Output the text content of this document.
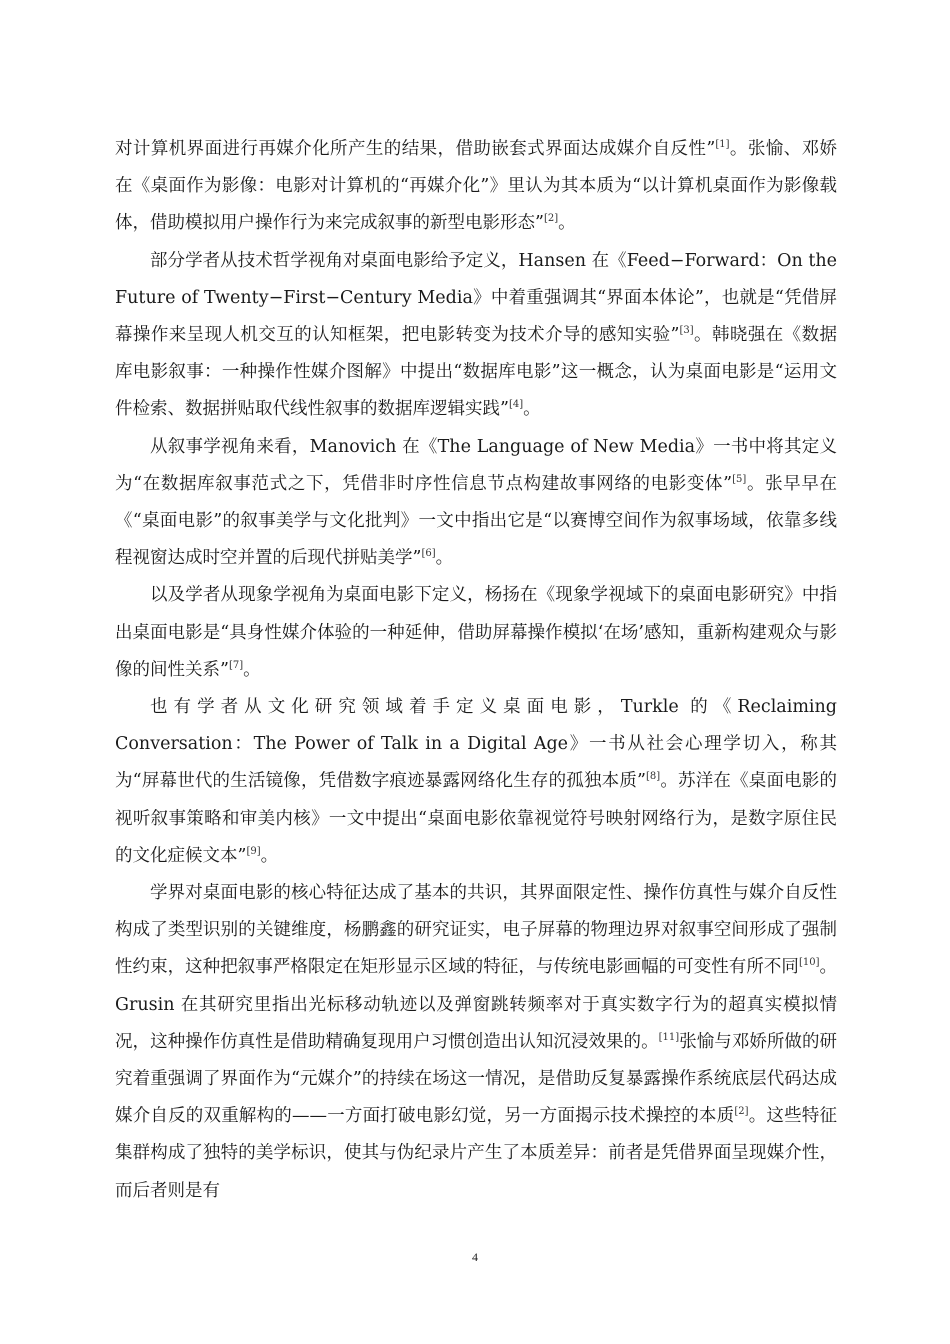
对计算机界面进行再媒介化所产生的结果，借助嵌套式界面达成媒介自反性”[1]。张愉、邓娇在《桌面作为影像：电影对计算机的“再媒介化”》里认为其本质为“以计算机桌面作为影像载体，借助模拟用户操作行为来完成叙事的新型电影形态”[2]。

部分学者从技术哲学视角对桌面电影给予定义，Hansen 在《Feed−Forward：On the Future of Twenty−First−Century Media》中着重强调其“界面本体论”，也就是“凭借屏幕操作来呈现人机交互的认知框架，把电影转变为技术介导的感知实验”[3]。韩晓强在《数据库电影叙事：一种操作性媒介图解》中提出“数据库电影”这一概念，认为桌面电影是“运用文件检索、数据拼贴取代线性叙事的数据库逻辑实践”[4]。

从叙事学视角来看，Manovich 在《The Language of New Media》一书中将其定义为“在数据库叙事范式之下，凭借非时序性信息节点构建故事网络的电影变体”[5]。张早早在《“桌面电影”的叙事美学与文化批判》一文中指出它是“以赛博空间作为叙事场域，依靠多线程视窗达成时空并置的后现代拼贴美学”[6]。

以及学者从现象学视角为桌面电影下定义，杨扬在《现象学视域下的桌面电影研究》中指出桌面电影是“具身性媒介体验的一种延伸，借助屏幕操作模拟‘在场’感知，重新构建观众与影像的间性关系”[7]。

也有学者从文化研究领域着手定义桌面电影，Turkle 的《Reclaiming Conversation：The Power of Talk in a Digital Age》一书从社会心理学切入，称其为“屏幕世代的生活镜像，凭借数字痕迹暴露网络化生存的孤独本质”[8]。苏洋在《桌面电影的视听叙事策略和审美内核》一文中提出“桌面电影依靠视觉符号映射网络行为，是数字原住民的文化症候文本”[9]。

学界对桌面电影的核心特征达成了基本的共识，其界面限定性、操作仿真性与媒介自反性构成了类型识别的关键维度，杨鹏鑫的研究证实，电子屏幕的物理边界对叙事空间形成了强制性约束，这种把叙事严格限定在矩形显示区域的特征，与传统电影画幅的可变性有所不同[10]。Grusin 在其研究里指出光标移动轨迹以及弹窗跳转频率对于真实数字行为的超真实模拟情况，这种操作仿真性是借助精确复现用户习惯创造出认知沉浸效果的。[11]张愉与邓娇所做的研究着重强调了界面作为“元媒介”的持续在场这一情况，是借助反复暴露操作系统底层代码达成媒介自反的双重解构的——一方面打破电影幻觉，另一方面揭示技术操控的本质[2]。这些特征集群构成了独特的美学标识，使其与伪纪录片产生了本质差异：前者是凭借界面呈现媒介性，而后者则是有

4
